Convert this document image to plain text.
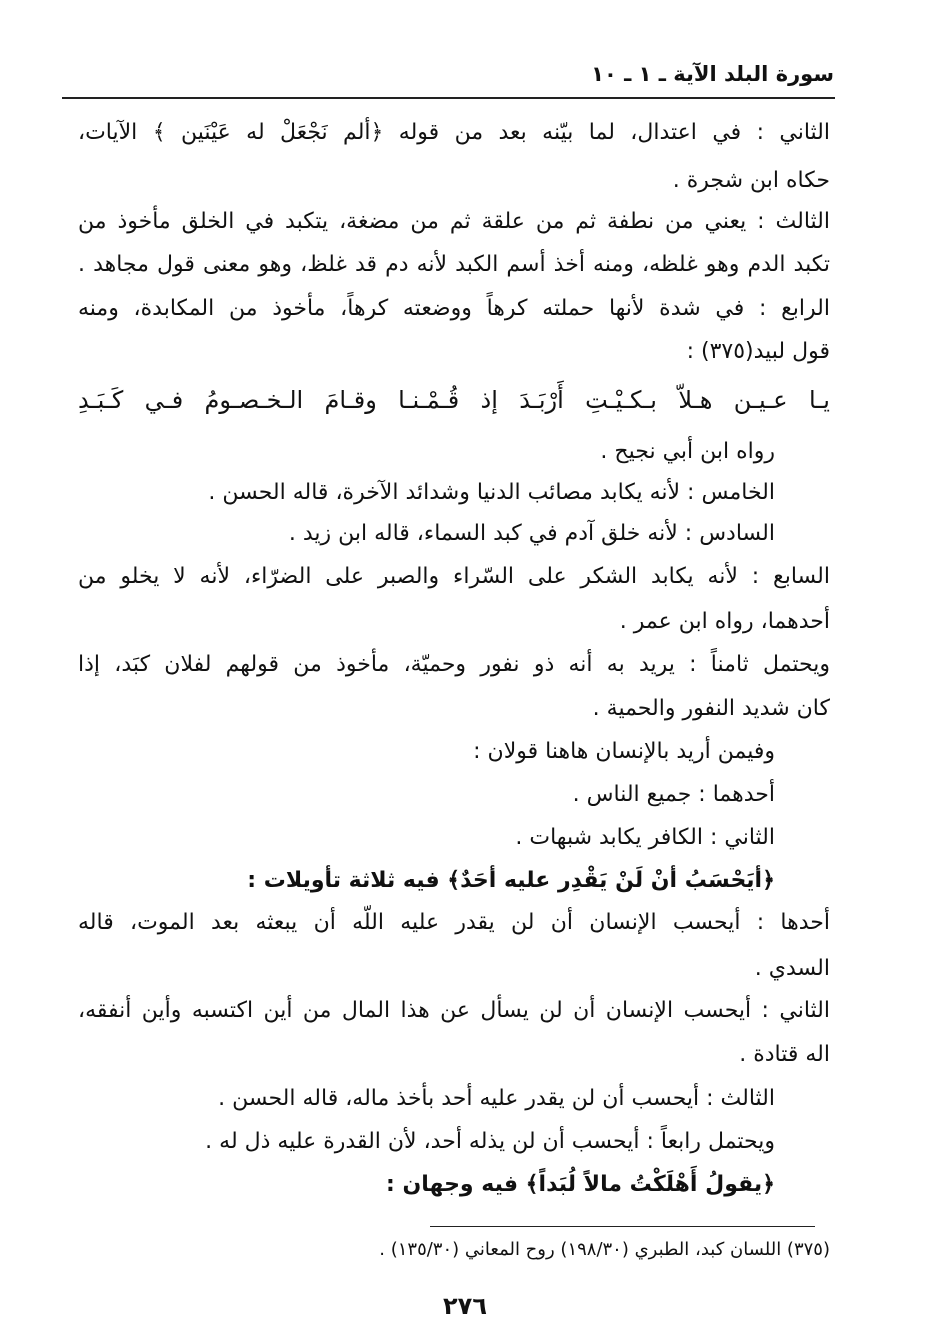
سورة البلد الآية ـ ١ ـ ١٠
الثاني : في اعتدال، لما بيّنه بعد من قوله ﴿ألم نَجْعَلْ له عَيْنَين ﴾ الآيات،
حكاه ابن شجرة .
الثالث : يعني من نطفة ثم من علقة ثم من مضغة، يتكبد في الخلق مأخوذ من
تكبد الدم وهو غلظه، ومنه أخذ أسم الكبد لأنه دم قد غلظ، وهو معنى قول مجاهد .
الرابع : في شدة لأنها حملته كرهاً ووضعته كرهاً، مأخوذ من المكابدة، ومنه
قول لبيد(٣٧٥) :
يـا عـيـن هـلاّ بـكـيْـتِ أَرْبَـدَ إذ قُـمْـنـا وقـامَ الـخـصـومُ فـي كَـبَـدِ
رواه ابن أبي نجيح .
الخامس : لأنه يكابد مصائب الدنيا وشدائد الآخرة، قاله الحسن .
السادس : لأنه خلق آدم في كبد السماء، قاله ابن زيد .
السابع : لأنه يكابد الشكر على السّراء والصبر على الضرّاء، لأنه لا يخلو من
أحدهما، رواه ابن عمر .
ويحتمل ثامناً : يريد به أنه ذو نفور وحميّة، مأخوذ من قولهم لفلان كبَد، إذا
كان شديد النفور والحمية .
وفيمن أريد بالإنسان هاهنا قولان :
أحدهما : جميع الناس .
الثاني : الكافر يكابد شبهات .
﴿أيَحْسَبُ أنْ لَنْ يَقْدِر عليه أحَدٌ﴾ فيه ثلاثة تأويلات :
أحدها : أيحسب الإنسان أن لن يقدر عليه اللّه أن يبعثه بعد الموت، قاله
السدي .
الثاني : أيحسب الإنسان أن لن يسأل عن هذا المال من أين اكتسبه وأين أنفقه،
اله قتادة .
الثالث : أيحسب أن لن يقدر عليه أحد بأخذ ماله، قاله الحسن .
ويحتمل رابعاً : أيحسب أن لن يذله أحد، لأن القدرة عليه ذل له .
﴿يقولُ أَهْلَكْتُ مالاً لُبَداً﴾ فيه وجهان :
(٣٧٥) اللسان كبد، الطبري (١٩٨/٣٠) روح المعاني (١٣٥/٣٠) .
٢٧٦
